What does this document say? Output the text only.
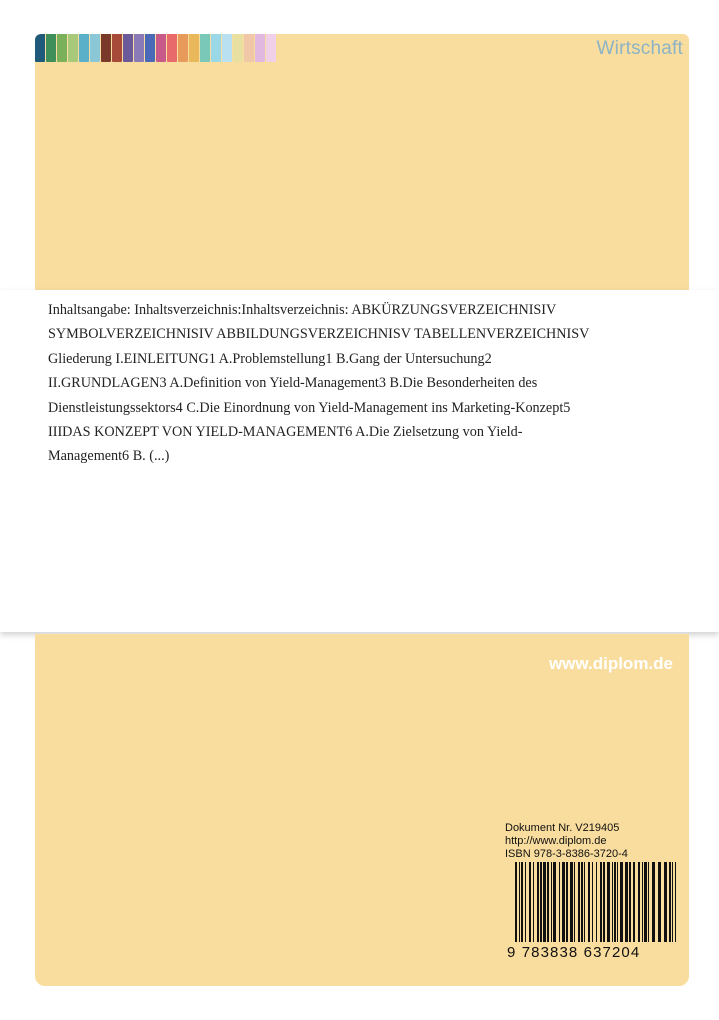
Wirtschaft

Inhaltsangabe: Inhaltsverzeichnis:Inhaltsverzeichnis: ABKÜRZUNGSVERZEICHNISIV SYMBOLVERZEICHNISIV ABBILDUNGSVERZEICHNISV TABELLENVERZEICHNISV Gliederung I.EINLEITUNG1 A.Problemstellung1 B.Gang der Untersuchung2 II.GRUNDLAGEN3 A.Definition von Yield-Management3 B.Die Besonderheiten des Dienstleistungssektors4 C.Die Einordnung von Yield-Management ins Marketing-Konzept5 IIIDAS KONZEPT VON YIELD-MANAGEMENT6 A.Die Zielsetzung von Yield-Management6 B. (...)

www.diplom.de
Dokument Nr. V219405
http://www.diplom.de
ISBN 978-3-8386-3720-4
9 783838 637204
